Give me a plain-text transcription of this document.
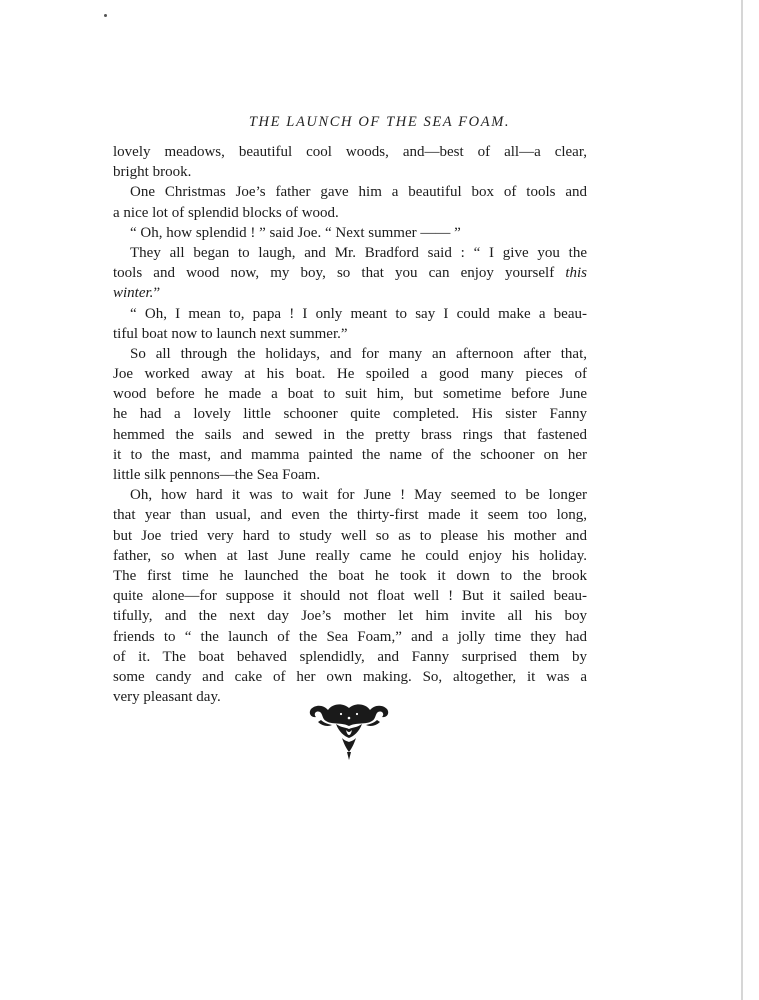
THE LAUNCH OF THE SEA FOAM.
lovely meadows, beautiful cool woods, and—best of all—a clear,
bright brook.
One Christmas Joe’s father gave him a beautiful box of tools and
a nice lot of splendid blocks of wood.
“ Oh, how splendid ! ” said Joe. “ Next summer —— ”
They all began to laugh, and Mr. Bradford said : “ I give you the
tools and wood now, my boy, so that you can enjoy yourself this
winter.”
“ Oh, I mean to, papa ! I only meant to say I could make a beau-
tiful boat now to launch next summer.”
So all through the holidays, and for many an afternoon after that,
Joe worked away at his boat. He spoiled a good many pieces of
wood before he made a boat to suit him, but sometime before June
he had a lovely little schooner quite completed. His sister Fanny
hemmed the sails and sewed in the pretty brass rings that fastened
it to the mast, and mamma painted the name of the schooner on her
little silk pennons—the Sea Foam.
Oh, how hard it was to wait for June ! May seemed to be longer
that year than usual, and even the thirty-first made it seem too long,
but Joe tried very hard to study well so as to please his mother and
father, so when at last June really came he could enjoy his holiday.
The first time he launched the boat he took it down to the brook
quite alone—for suppose it should not float well ! But it sailed beau-
tifully, and the next day Joe’s mother let him invite all his boy
friends to “ the launch of the Sea Foam,” and a jolly time they had
of it. The boat behaved splendidly, and Fanny surprised them by
some candy and cake of her own making. So, altogether, it was a
very pleasant day.
